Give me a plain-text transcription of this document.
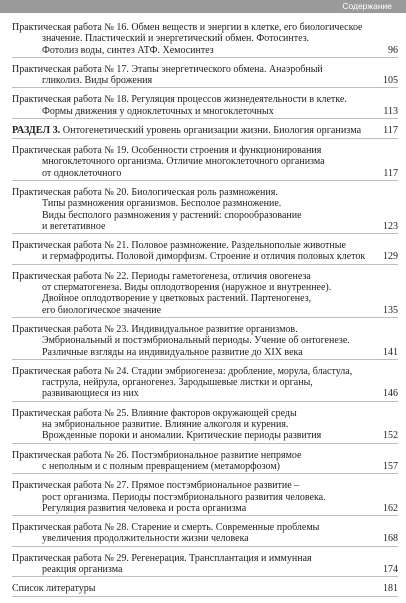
Содержание
Практическая работа № 16. Обмен веществ и энергии в клетке, его биологическое
значение. Пластический и энергетический обмен. Фотосинтез.
Фотолиз воды, синтез АТФ. Хемосинтез	96
Практическая работа № 17. Этапы энергетического обмена. Анаэробный
гликолиз. Виды брожения	105
Практическая работа № 18. Регуляция процессов жизнедеятельности в клетке.
Формы движения у одноклеточных и многоклеточных	113
РАЗДЕЛ 3. Онтогенетический уровень организации жизни. Биология организма 117
Практическая работа № 19. Особенности строения и функционирования
многоклеточного организма. Отличие многоклеточного организма
от одноклеточного	117
Практическая работа № 20. Биологическая роль размножения.
Типы размножения организмов. Бесполое размножение.
Виды бесполого размножения у растений: спорообразование
и вегетативное	123
Практическая работа № 21. Половое размножение. Раздельнополые животные
и гермафродиты. Половой диморфизм. Строение и отличия половых клеток	129
Практическая работа № 22. Периоды гаметогенеза, отличия овогенеза
от сперматогенеза. Виды оплодотворения (наружное и внутреннее).
Двойное оплодотворение у цветковых растений. Партеногенез,
его биологическое значение	135
Практическая работа № 23. Индивидуальное развитие организмов.
Эмбриональный и постэмбриональный периоды. Учение об онтогенезе.
Различные взгляды на индивидуальное развитие до XIX века	141
Практическая работа № 24. Стадии эмбриогенеза: дробление, морула, бластула,
гаструла, нейрула, органогенез. Зародышевые листки и органы,
развивающиеся из них	146
Практическая работа № 25. Влияние факторов окружающей среды
на эмбриональное развитие. Влияние алкоголя и курения.
Врожденные пороки и аномалии. Критические периоды развития	152
Практическая работа № 26. Постэмбриональное развитие непрямое
с неполным и с полным превращением (метаморфозом)	157
Практическая работа № 27. Прямое постэмбриональное развитие –
рост организма. Периоды постэмбрионального развития человека.
Регуляция развития человека и роста организма	162
Практическая работа № 28. Старение и смерть. Современные проблемы
увеличения продолжительности жизни человека	168
Практическая работа № 29. Регенерация. Трансплантация и иммунная
реакция организма	174
Список литературы	181
